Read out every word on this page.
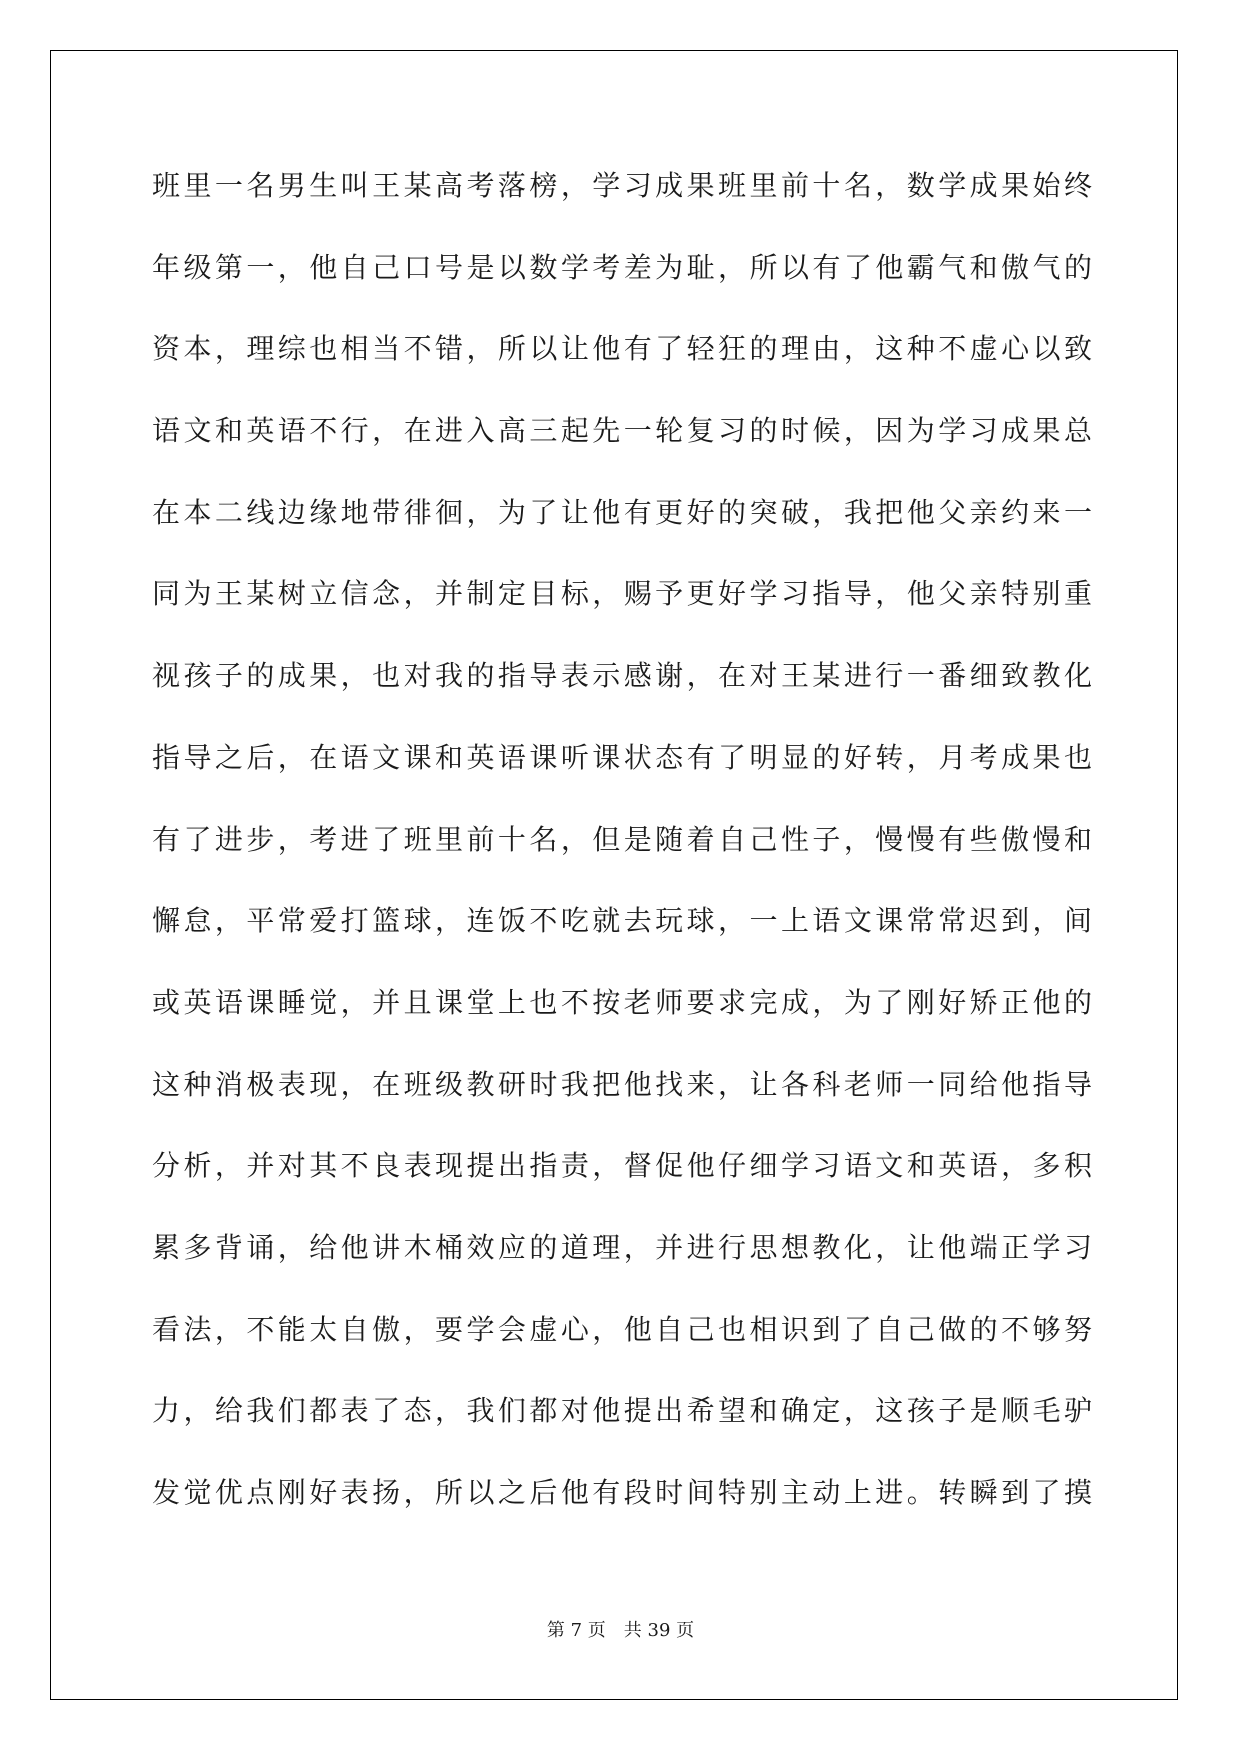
班里一名男生叫王某高考落榜，学习成果班里前十名，数学成果始终
年级第一，他自己口号是以数学考差为耻，所以有了他霸气和傲气的
资本，理综也相当不错，所以让他有了轻狂的理由，这种不虚心以致
语文和英语不行，在进入高三起先一轮复习的时候，因为学习成果总
在本二线边缘地带徘徊，为了让他有更好的突破，我把他父亲约来一
同为王某树立信念，并制定目标，赐予更好学习指导，他父亲特别重
视孩子的成果，也对我的指导表示感谢，在对王某进行一番细致教化
指导之后，在语文课和英语课听课状态有了明显的好转，月考成果也
有了进步，考进了班里前十名，但是随着自己性子，慢慢有些傲慢和
懈怠，平常爱打篮球，连饭不吃就去玩球，一上语文课常常迟到，间
或英语课睡觉，并且课堂上也不按老师要求完成，为了刚好矫正他的
这种消极表现，在班级教研时我把他找来，让各科老师一同给他指导
分析，并对其不良表现提出指责，督促他仔细学习语文和英语，多积
累多背诵，给他讲木桶效应的道理，并进行思想教化，让他端正学习
看法，不能太自傲，要学会虚心，他自己也相识到了自己做的不够努
力，给我们都表了态，我们都对他提出希望和确定，这孩子是顺毛驴
发觉优点刚好表扬，所以之后他有段时间特别主动上进。转瞬到了摸
第 7 页 共 39 页
